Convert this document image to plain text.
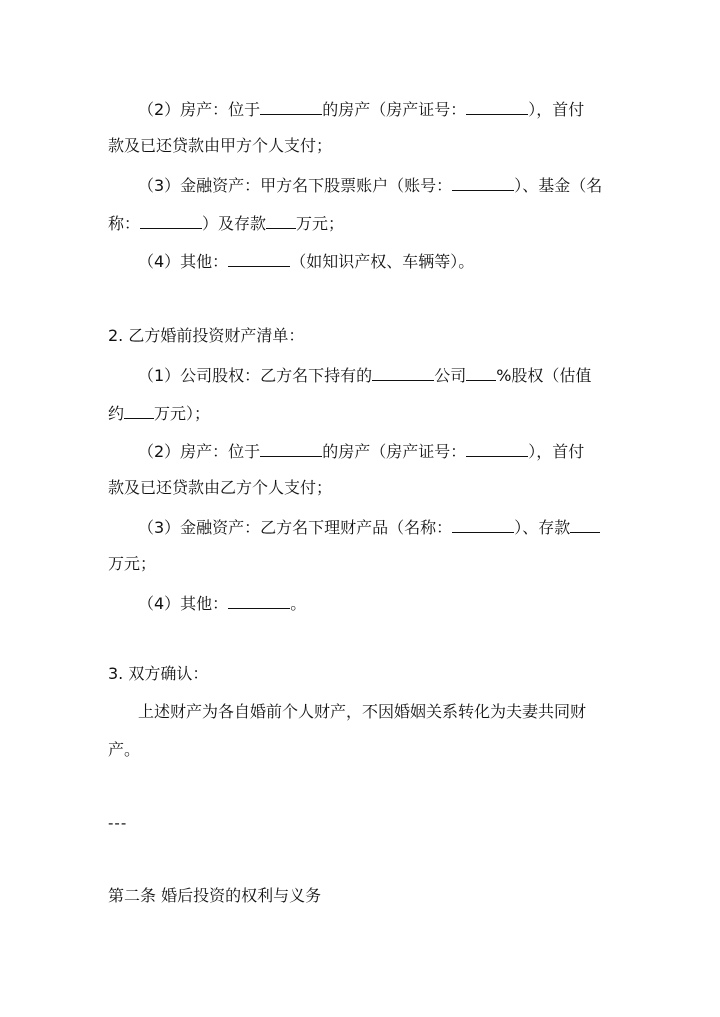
（2）房产：位于	的房产（房产证号：	），首付
款及已还贷款由甲方个人支付；
（3）金融资产：甲方名下股票账户（账号：	）、基金（名
称：	）及存款 万元；
（4）其他：	（如知识产权、车辆等）。
2. 乙方婚前投资财产清单：
（1）公司股权：乙方名下持有的	公司 %股权（估值
约 万元）；
（2）房产：位于	的房产（房产证号：	），首付
款及已还贷款由乙方个人支付；
（3）金融资产：乙方名下理财产品（名称：	）、存款
万元；
（4）其他：	。
3. 双方确认：
上述财产为各自婚前个人财产，不因婚姻关系转化为夫妻共同财
产。
---
第二条 婚后投资的权利与义务
